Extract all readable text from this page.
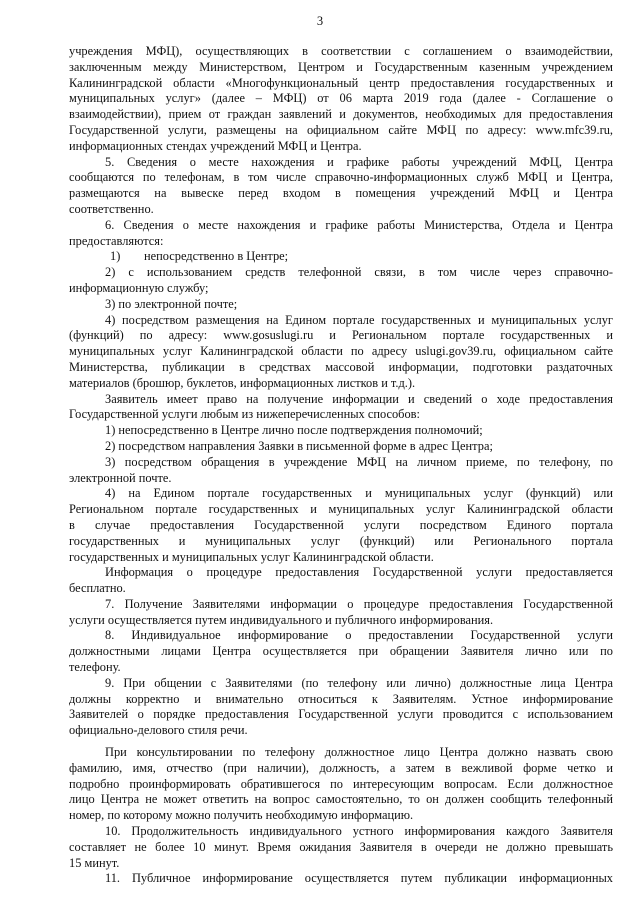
3
учреждения МФЦ), осуществляющих в соответствии с соглашением о взаимодействии,
заключенным между Министерством, Центром и Государственным казенным учреждением
Калининградской области «Многофункциональный центр предоставления государственных и
муниципальных услуг» (далее – МФЦ) от 06 марта 2019 года (далее - Соглашение о
взаимодействии), прием от граждан заявлений и документов, необходимых для предоставления
Государственной услуги, размещены на официальном сайте МФЦ по адресу: www.mfc39.ru,
информационных стендах учреждений МФЦ и Центра.
5. Сведения о месте нахождения и графике работы учреждений МФЦ, Центра
сообщаются по телефонам, в том числе справочно-информационных служб МФЦ и Центра,
размещаются на вывеске перед входом в помещения учреждений МФЦ и Центра
соответственно.
6. Сведения о месте нахождения и графике работы Министерства, Отдела и Центра
предоставляются:
1) непосредственно в Центре;
2) с использованием средств телефонной связи, в том числе через справочно-
информационную службу;
3) по электронной почте;
4) посредством размещения на Едином портале государственных и муниципальных услуг
(функций) по адресу: www.gosuslugi.ru и Региональном портале государственных и
муниципальных услуг Калининградской области по адресу uslugi.gov39.ru, официальном сайте
Министерства, публикации в средствах массовой информации, подготовки раздаточных
материалов (брошюр, буклетов, информационных листков и т.д.).
Заявитель имеет право на получение информации и сведений о ходе предоставления
Государственной услуги любым из нижеперечисленных способов:
1) непосредственно в Центре лично после подтверждения полномочий;
2) посредством направления Заявки в письменной форме в адрес Центра;
3) посредством обращения в учреждение МФЦ на личном приеме, по телефону, по
электронной почте.
4) на Едином портале государственных и муниципальных услуг (функций) или
Региональном портале государственных и муниципальных услуг Калининградской области
в случае предоставления Государственной услуги посредством Единого портала
государственных и муниципальных услуг (функций) или Регионального портала
государственных и муниципальных услуг Калининградской области.
Информация о процедуре предоставления Государственной услуги предоставляется
бесплатно.
7. Получение Заявителями информации о процедуре предоставления Государственной
услуги осуществляется путем индивидуального и публичного информирования.
8. Индивидуальное информирование о предоставлении Государственной услуги
должностными лицами Центра осуществляется при обращении Заявителя лично или по
телефону.
9. При общении с Заявителями (по телефону или лично) должностные лица Центра
должны корректно и внимательно относиться к Заявителям. Устное информирование
Заявителей о порядке предоставления Государственной услуги проводится с использованием
официально-делового стиля речи.
При консультировании по телефону должностное лицо Центра должно назвать свою
фамилию, имя, отчество (при наличии), должность, а затем в вежливой форме четко и
подробно проинформировать обратившегося по интересующим вопросам. Если должностное
лицо Центра не может ответить на вопрос самостоятельно, то он должен сообщить телефонный
номер, по которому можно получить необходимую информацию.
10. Продолжительность индивидуального устного информирования каждого Заявителя
составляет не более 10 минут. Время ожидания Заявителя в очереди не должно превышать
15 минут.
11. Публичное информирование осуществляется путем публикации информационных
